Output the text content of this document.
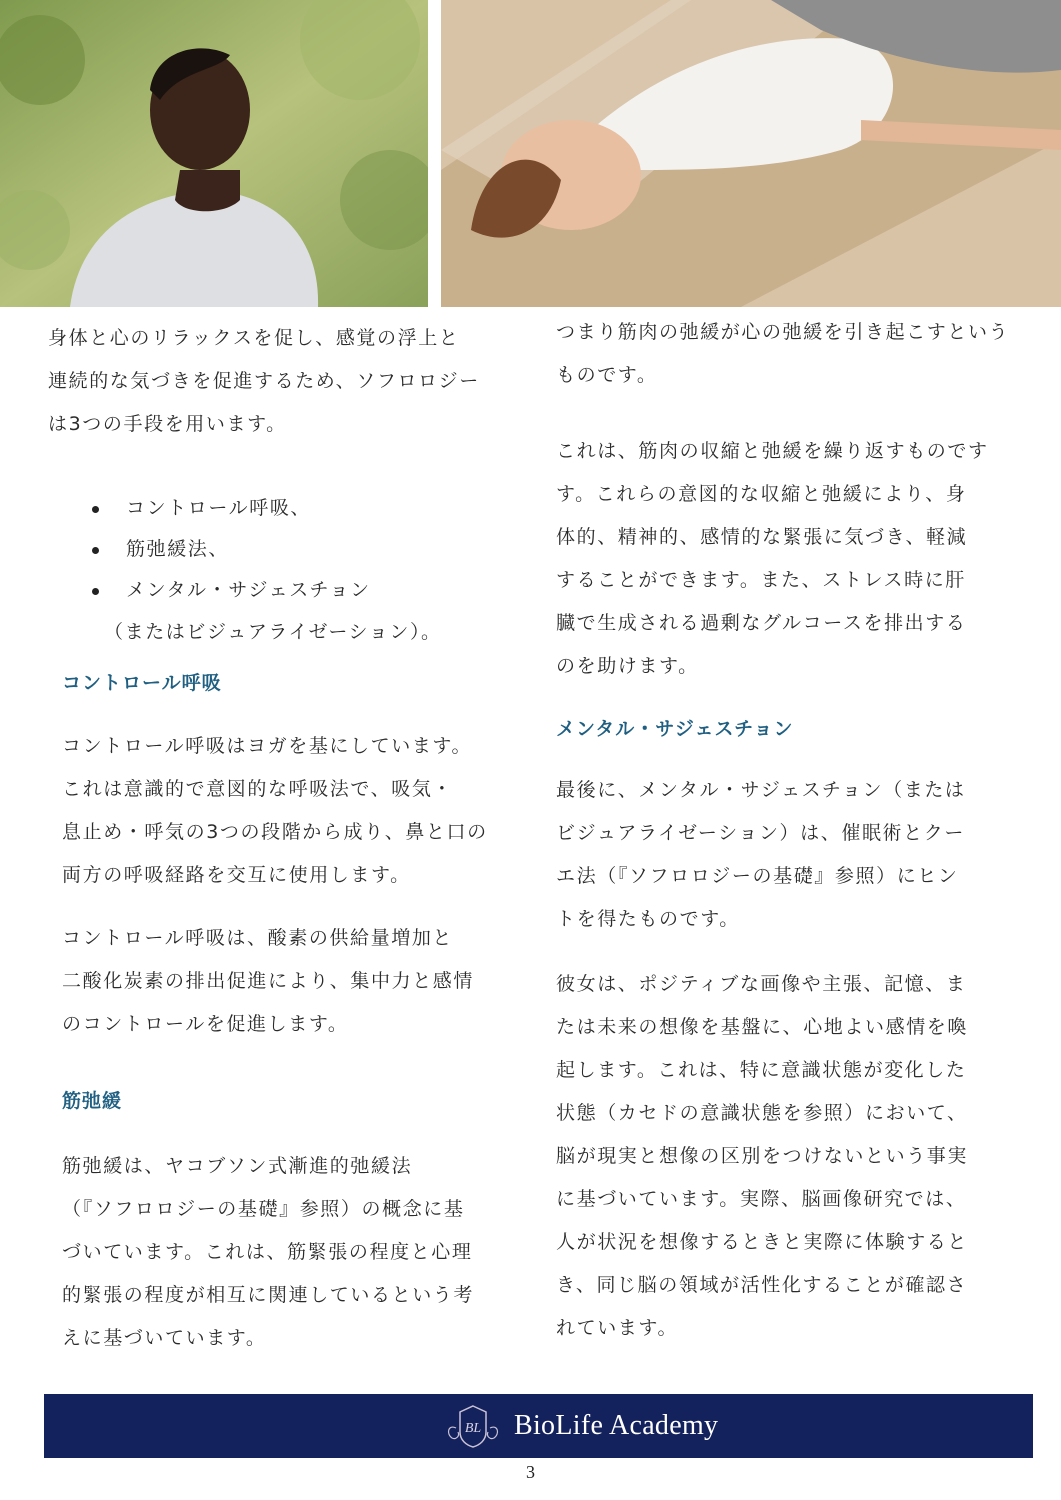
身体と心のリラックスを促し、感覚の浮上と
連続的な気づきを促進するため、ソフロロジー
は3つの手段を用います。

コントロール呼吸、
筋弛緩法、
メンタル・サジェスチョン

（またはビジュアライゼーション）。

コントロール呼吸

コントロール呼吸はヨガを基にしています。
これは意識的で意図的な呼吸法で、吸気・
息止め・呼気の3つの段階から成り、鼻と口の
両方の呼吸経路を交互に使用します。

コントロール呼吸は、酸素の供給量増加と
二酸化炭素の排出促進により、集中力と感情
のコントロールを促進します。

筋弛緩

筋弛緩は、ヤコブソン式漸進的弛緩法
（『ソフロロジーの基礎』参照）の概念に基
づいています。これは、筋緊張の程度と心理
的緊張の程度が相互に関連しているという考
えに基づいています。

つまり筋肉の弛緩が心の弛緩を引き起こすという
ものです。

これは、筋肉の収縮と弛緩を繰り返すものです
す。これらの意図的な収縮と弛緩により、身
体的、精神的、感情的な緊張に気づき、軽減
することができます。また、ストレス時に肝
臓で生成される過剰なグルコースを排出する
のを助けます。

メンタル・サジェスチョン

最後に、メンタル・サジェスチョン（または
ビジュアライゼーション）は、催眠術とクー
エ法（『ソフロロジーの基礎』参照）にヒン
トを得たものです。

彼女は、ポジティブな画像や主張、記憶、ま
たは未来の想像を基盤に、心地よい感情を喚
起します。これは、特に意識状態が変化した
状態（カセドの意識状態を参照）において、
脳が現実と想像の区別をつけないという事実
に基づいています。実際、脳画像研究では、
人が状況を想像するときと実際に体験すると
き、同じ脳の領域が活性化することが確認さ
れています。

BL BioLife Academy
3
